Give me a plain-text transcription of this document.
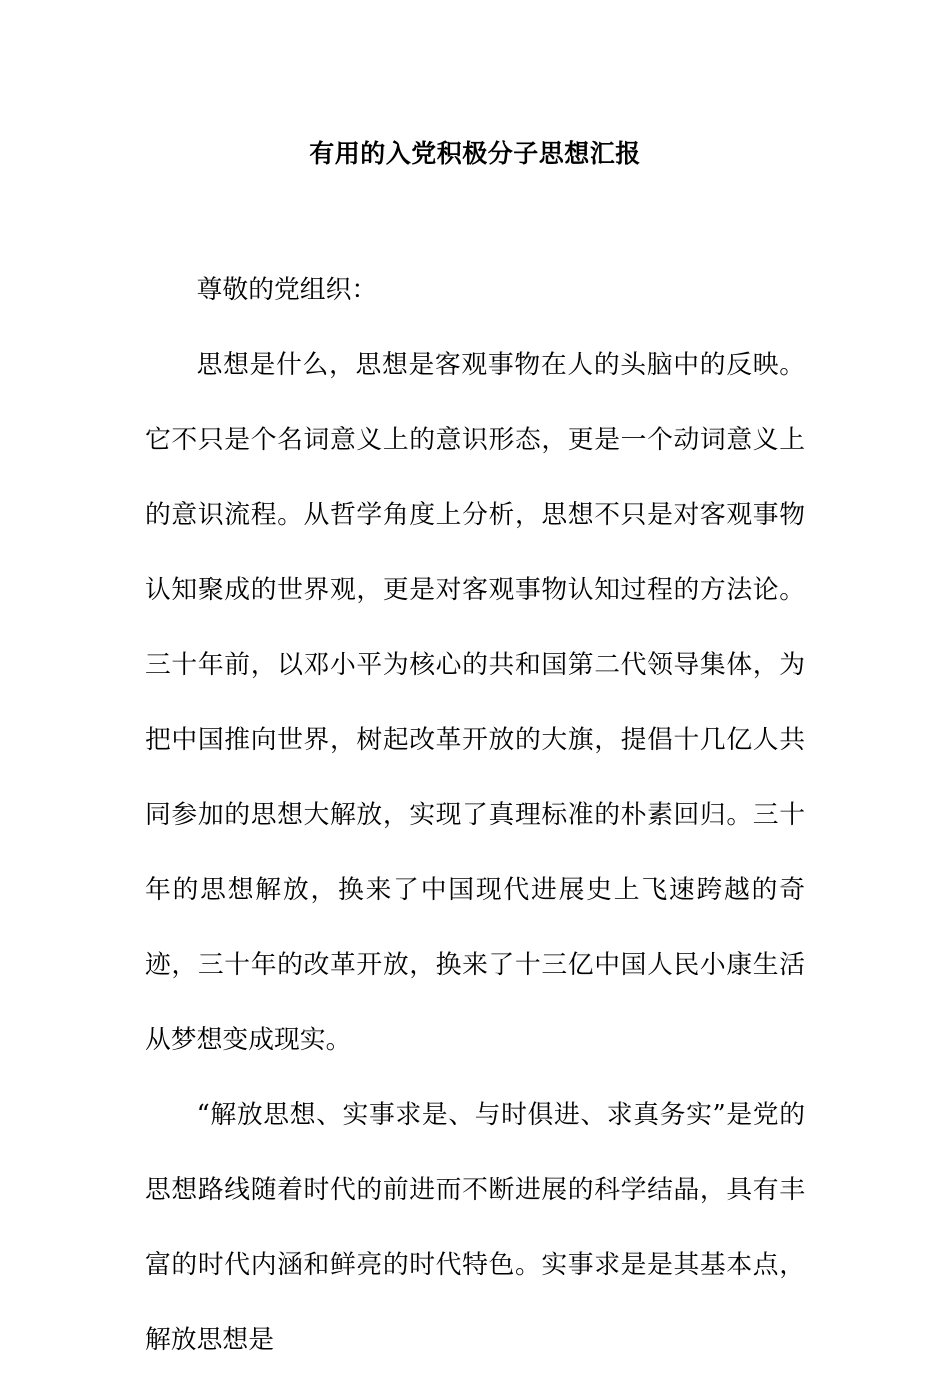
有用的入党积极分子思想汇报

尊敬的党组织：

思想是什么，思想是客观事物在人的头脑中的反映。它不只是个名词意义上的意识形态，更是一个动词意义上的意识流程。从哲学角度上分析，思想不只是对客观事物认知聚成的世界观，更是对客观事物认知过程的方法论。三十年前，以邓小平为核心的共和国第二代领导集体，为把中国推向世界，树起改革开放的大旗，提倡十几亿人共同参加的思想大解放，实现了真理标准的朴素回归。三十年的思想解放，换来了中国现代进展史上飞速跨越的奇迹，三十年的改革开放，换来了十三亿中国人民小康生活从梦想变成现实。

“解放思想、实事求是、与时俱进、求真务实”是党的思想路线随着时代的前进而不断进展的科学结晶，具有丰富的时代内涵和鲜亮的时代特色。实事求是是其基本点，解放思想是
